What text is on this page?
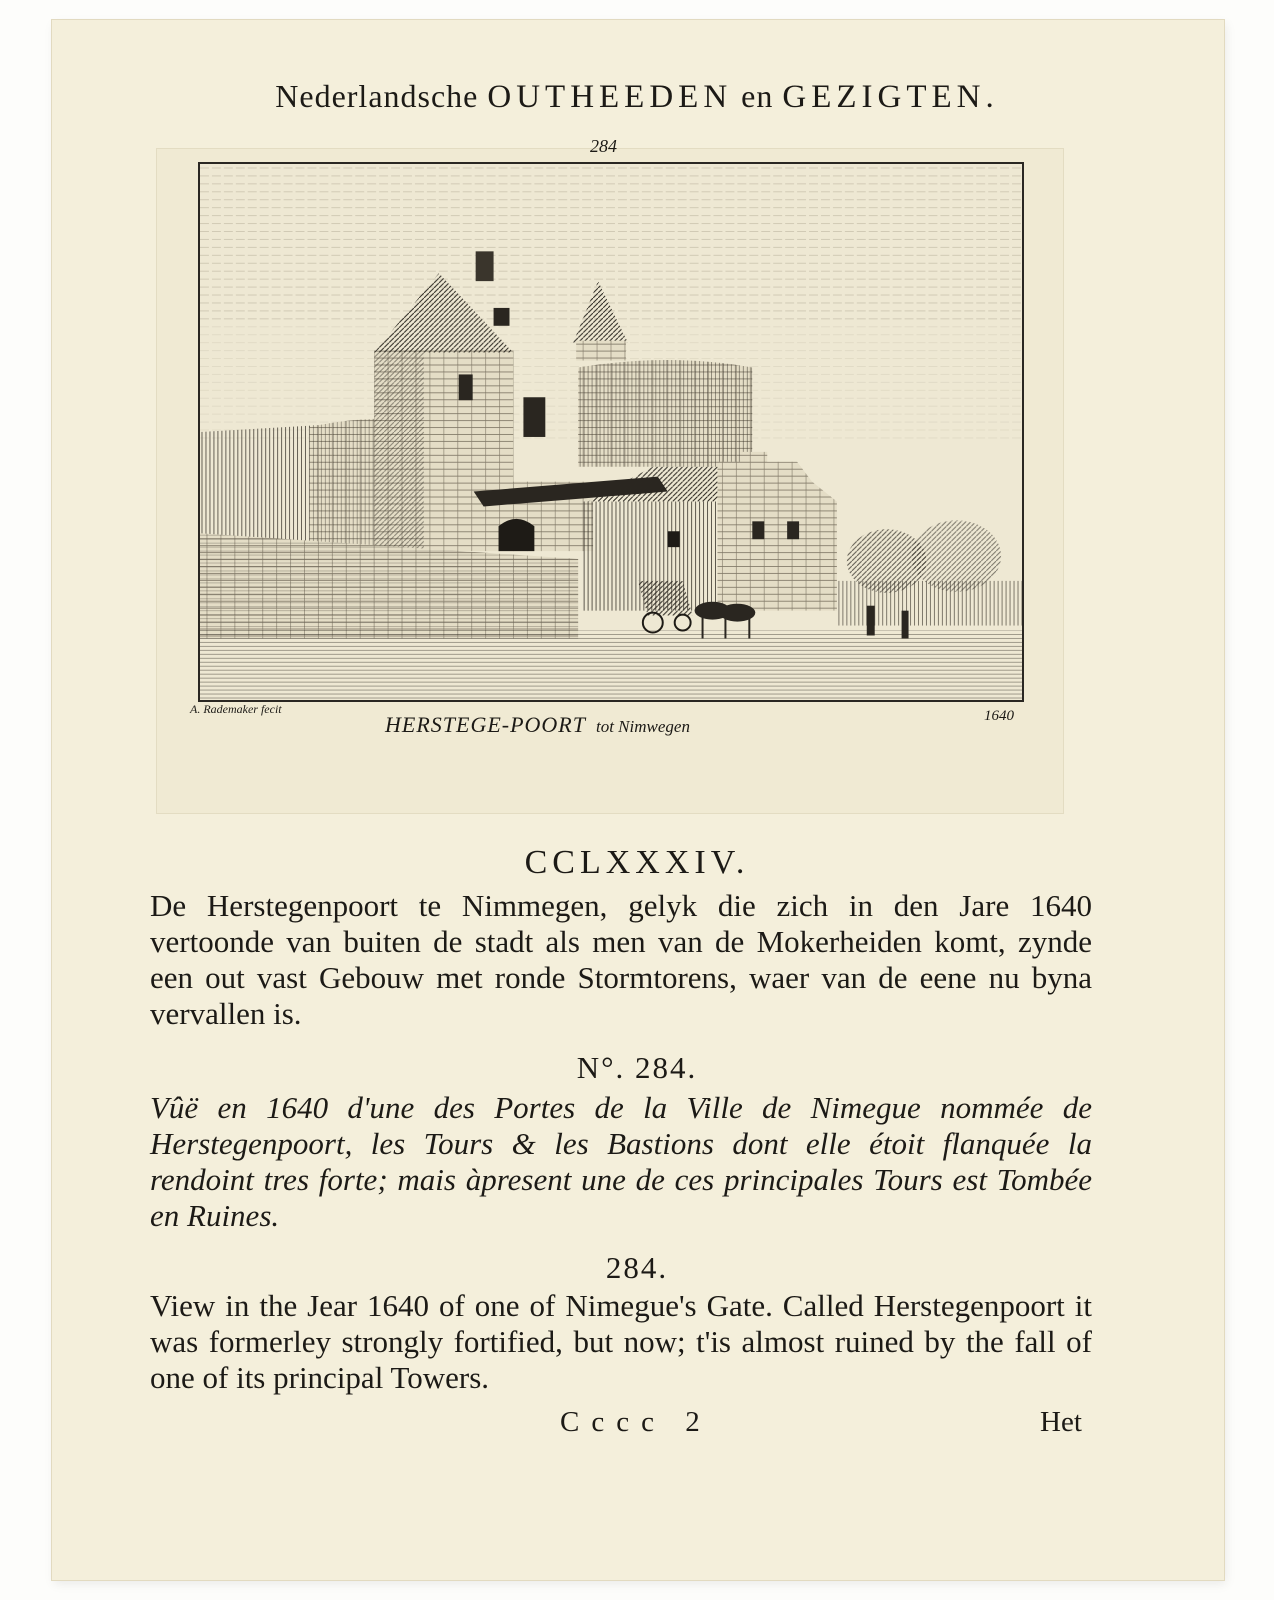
Nederlandsche OUTHEEDEN en GEZIGTEN.
284
A. Rademaker fecit
HERSTEGE-POORT tot Nimwegen
1640
CCLXXXIV.

De Herstegenpoort te Nimmegen, gelyk die zich in den Jare 1640 vertoonde van buiten de stadt als men van de Mokerheiden komt, zynde een out vast Gebouw met ronde Stormtorens, waer van de eene nu byna vervallen is.

N°. 284.

Vûë en 1640 d'une des Portes de la Ville de Nimegue nommée de Herstegenpoort, les Tours & les Bastions dont elle étoit flanquée la rendoint tres forte; mais àpresent une de ces principales Tours est Tombée en Ruines.

284.

View in the Jear 1640 of one of Nimegue's Gate. Called Herstegenpoort it was formerley strongly fortified, but now; t'is almost ruined by the fall of one of its principal Towers.

Cccc 2	Het
